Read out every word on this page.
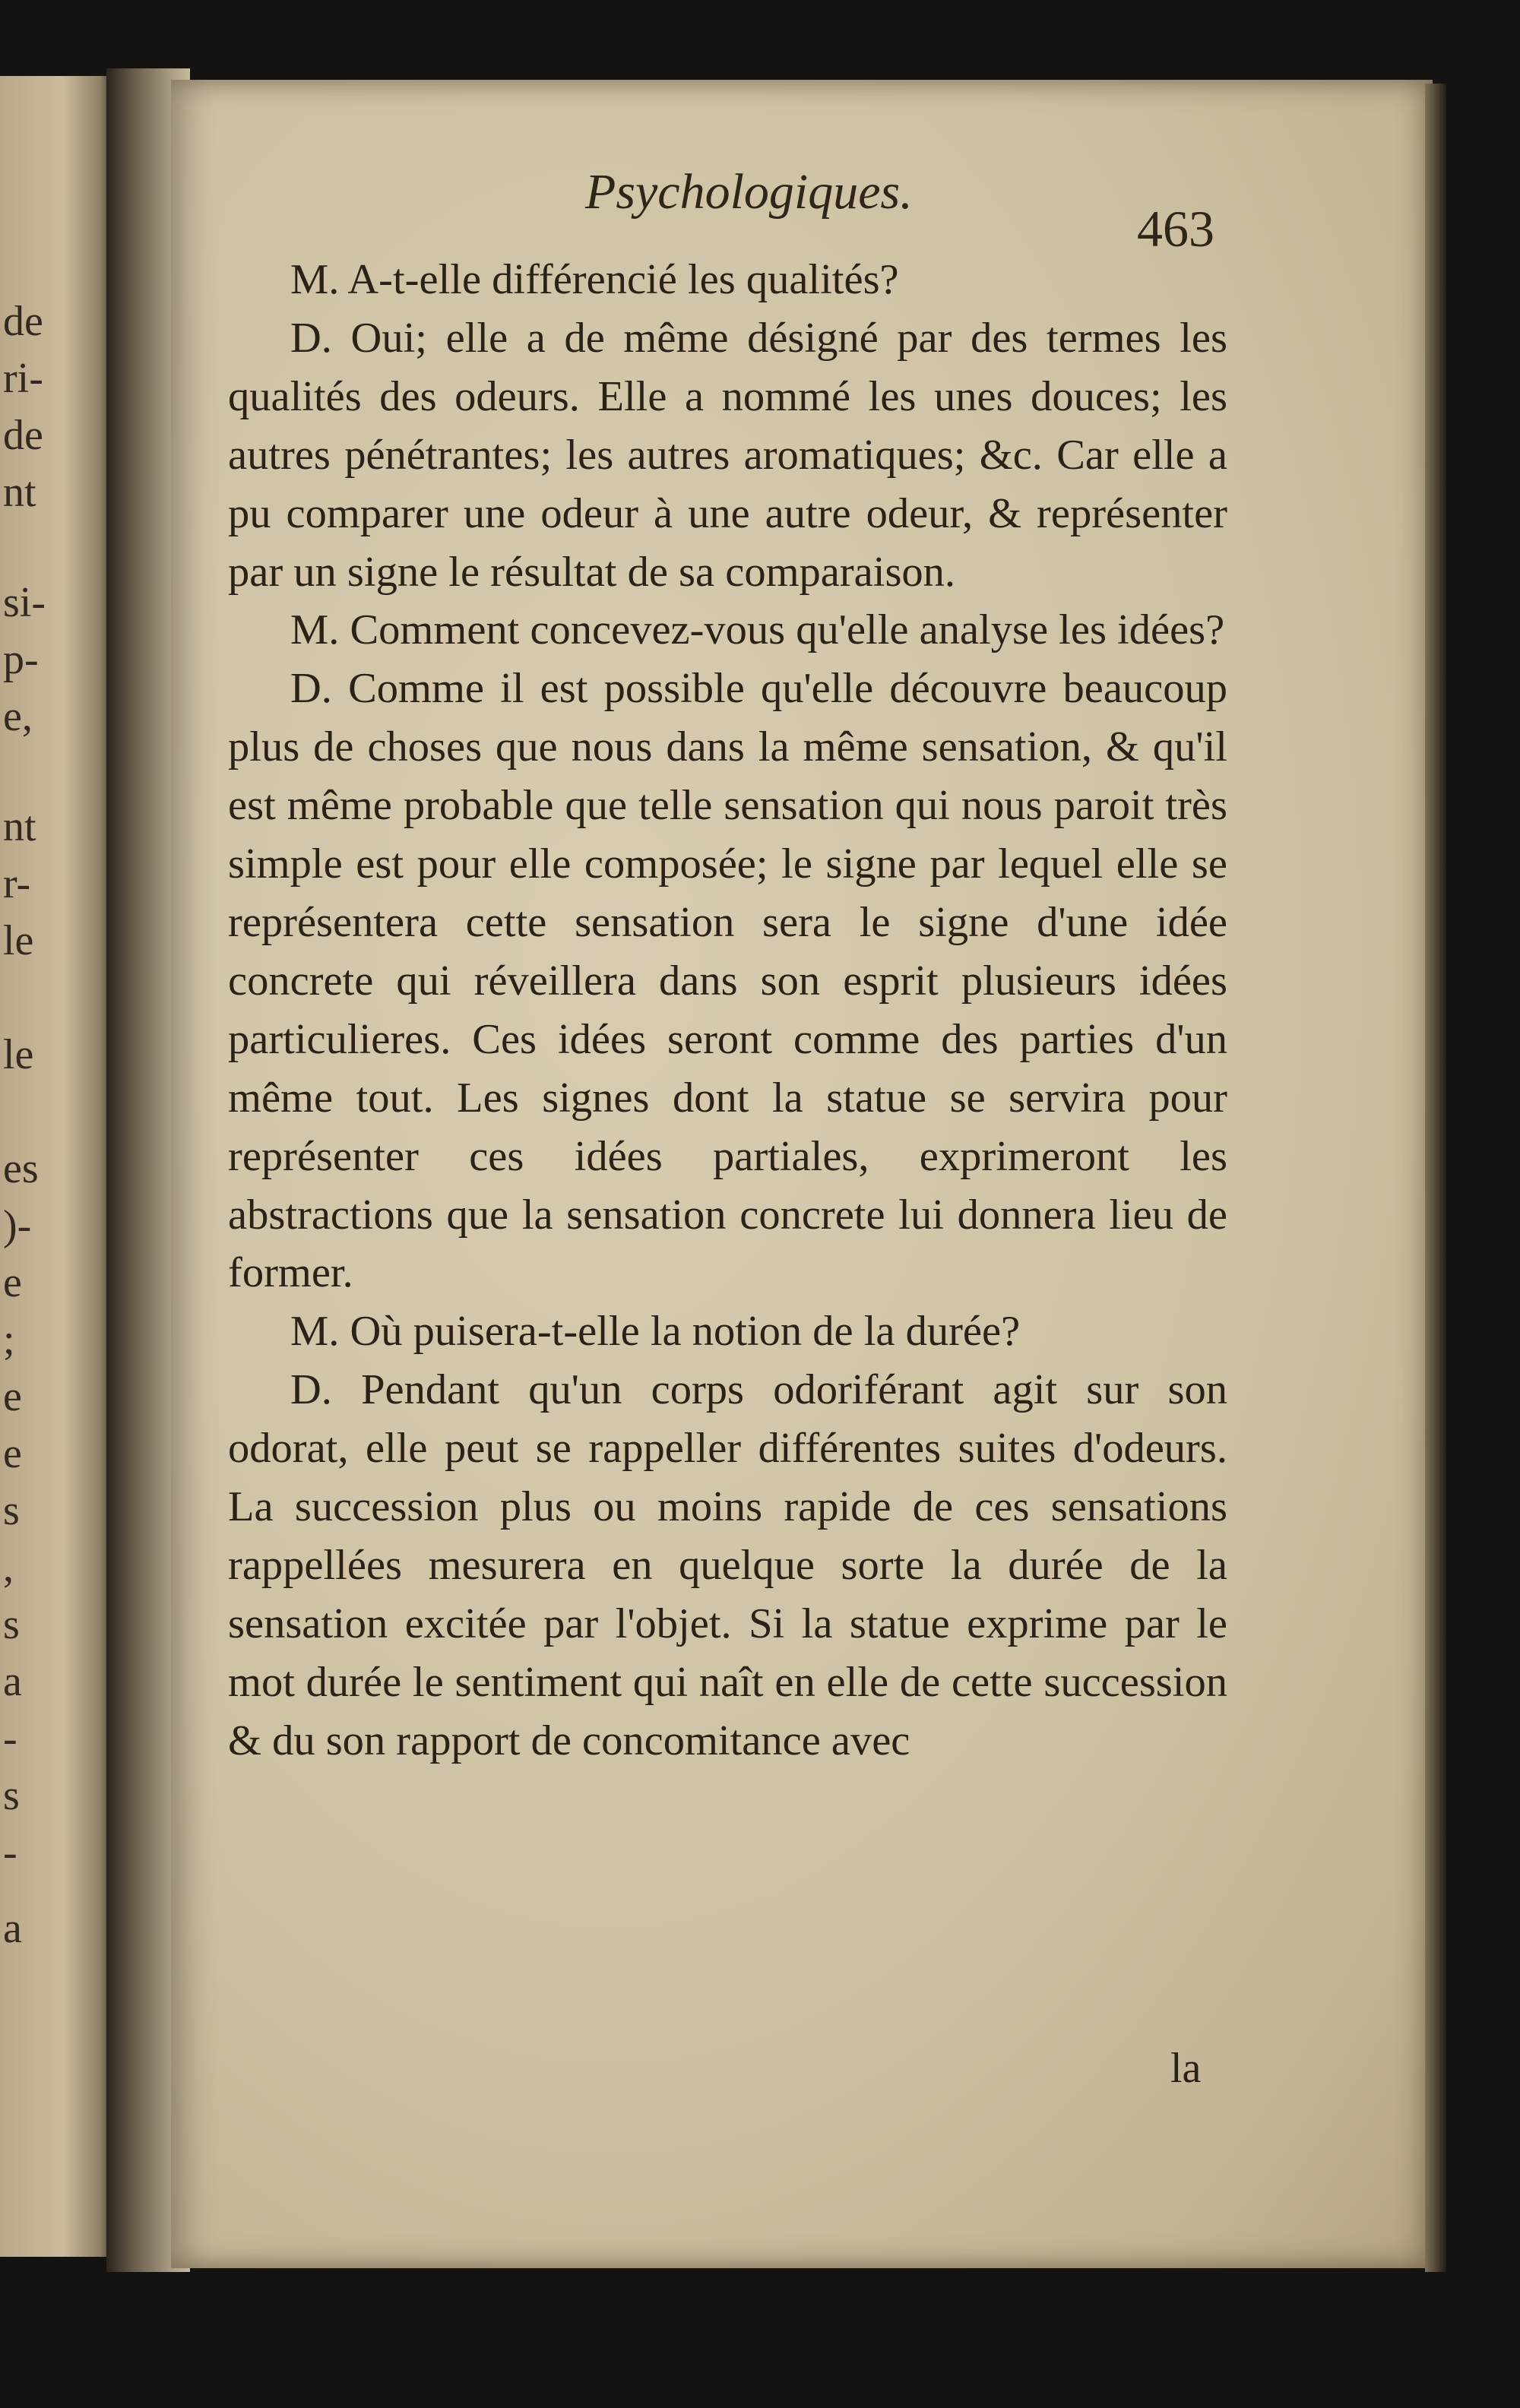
de
ri-
de
nt
si-
p-
e,
nt
r-
le
le
es
)-
e
;
e
e
s
,
s
a
-
s
-
a
Psychologiques.
463

M. A-t-elle différencié les qualités?

D. Oui; elle a de même désigné par des termes les qualités des odeurs. Elle a nommé les unes douces; les autres pénétrantes; les autres aromatiques; &c. Car elle a pu comparer une odeur à une autre odeur, & représenter par un signe le résultat de sa comparaison.

M. Comment concevez-vous qu'elle analyse les idées?

D. Comme il est possible qu'elle découvre beaucoup plus de choses que nous dans la même sensation, & qu'il est même probable que telle sensation qui nous paroit très simple est pour elle composée; le signe par lequel elle se représentera cette sensation sera le signe d'une idée concrete qui réveillera dans son esprit plusieurs idées particulieres. Ces idées seront comme des parties d'un même tout. Les signes dont la statue se servira pour représenter ces idées partiales, exprimeront les abstractions que la sensation concrete lui donnera lieu de former.

M. Où puisera-t-elle la notion de la durée?

D. Pendant qu'un corps odoriférant agit sur son odorat, elle peut se rappeller différentes suites d'odeurs. La succession plus ou moins rapide de ces sensations rappellées mesurera en quelque sorte la durée de la sensation excitée par l'objet. Si la statue exprime par le mot durée le sentiment qui naît en elle de cette succession & du son rapport de concomitance avec

la
